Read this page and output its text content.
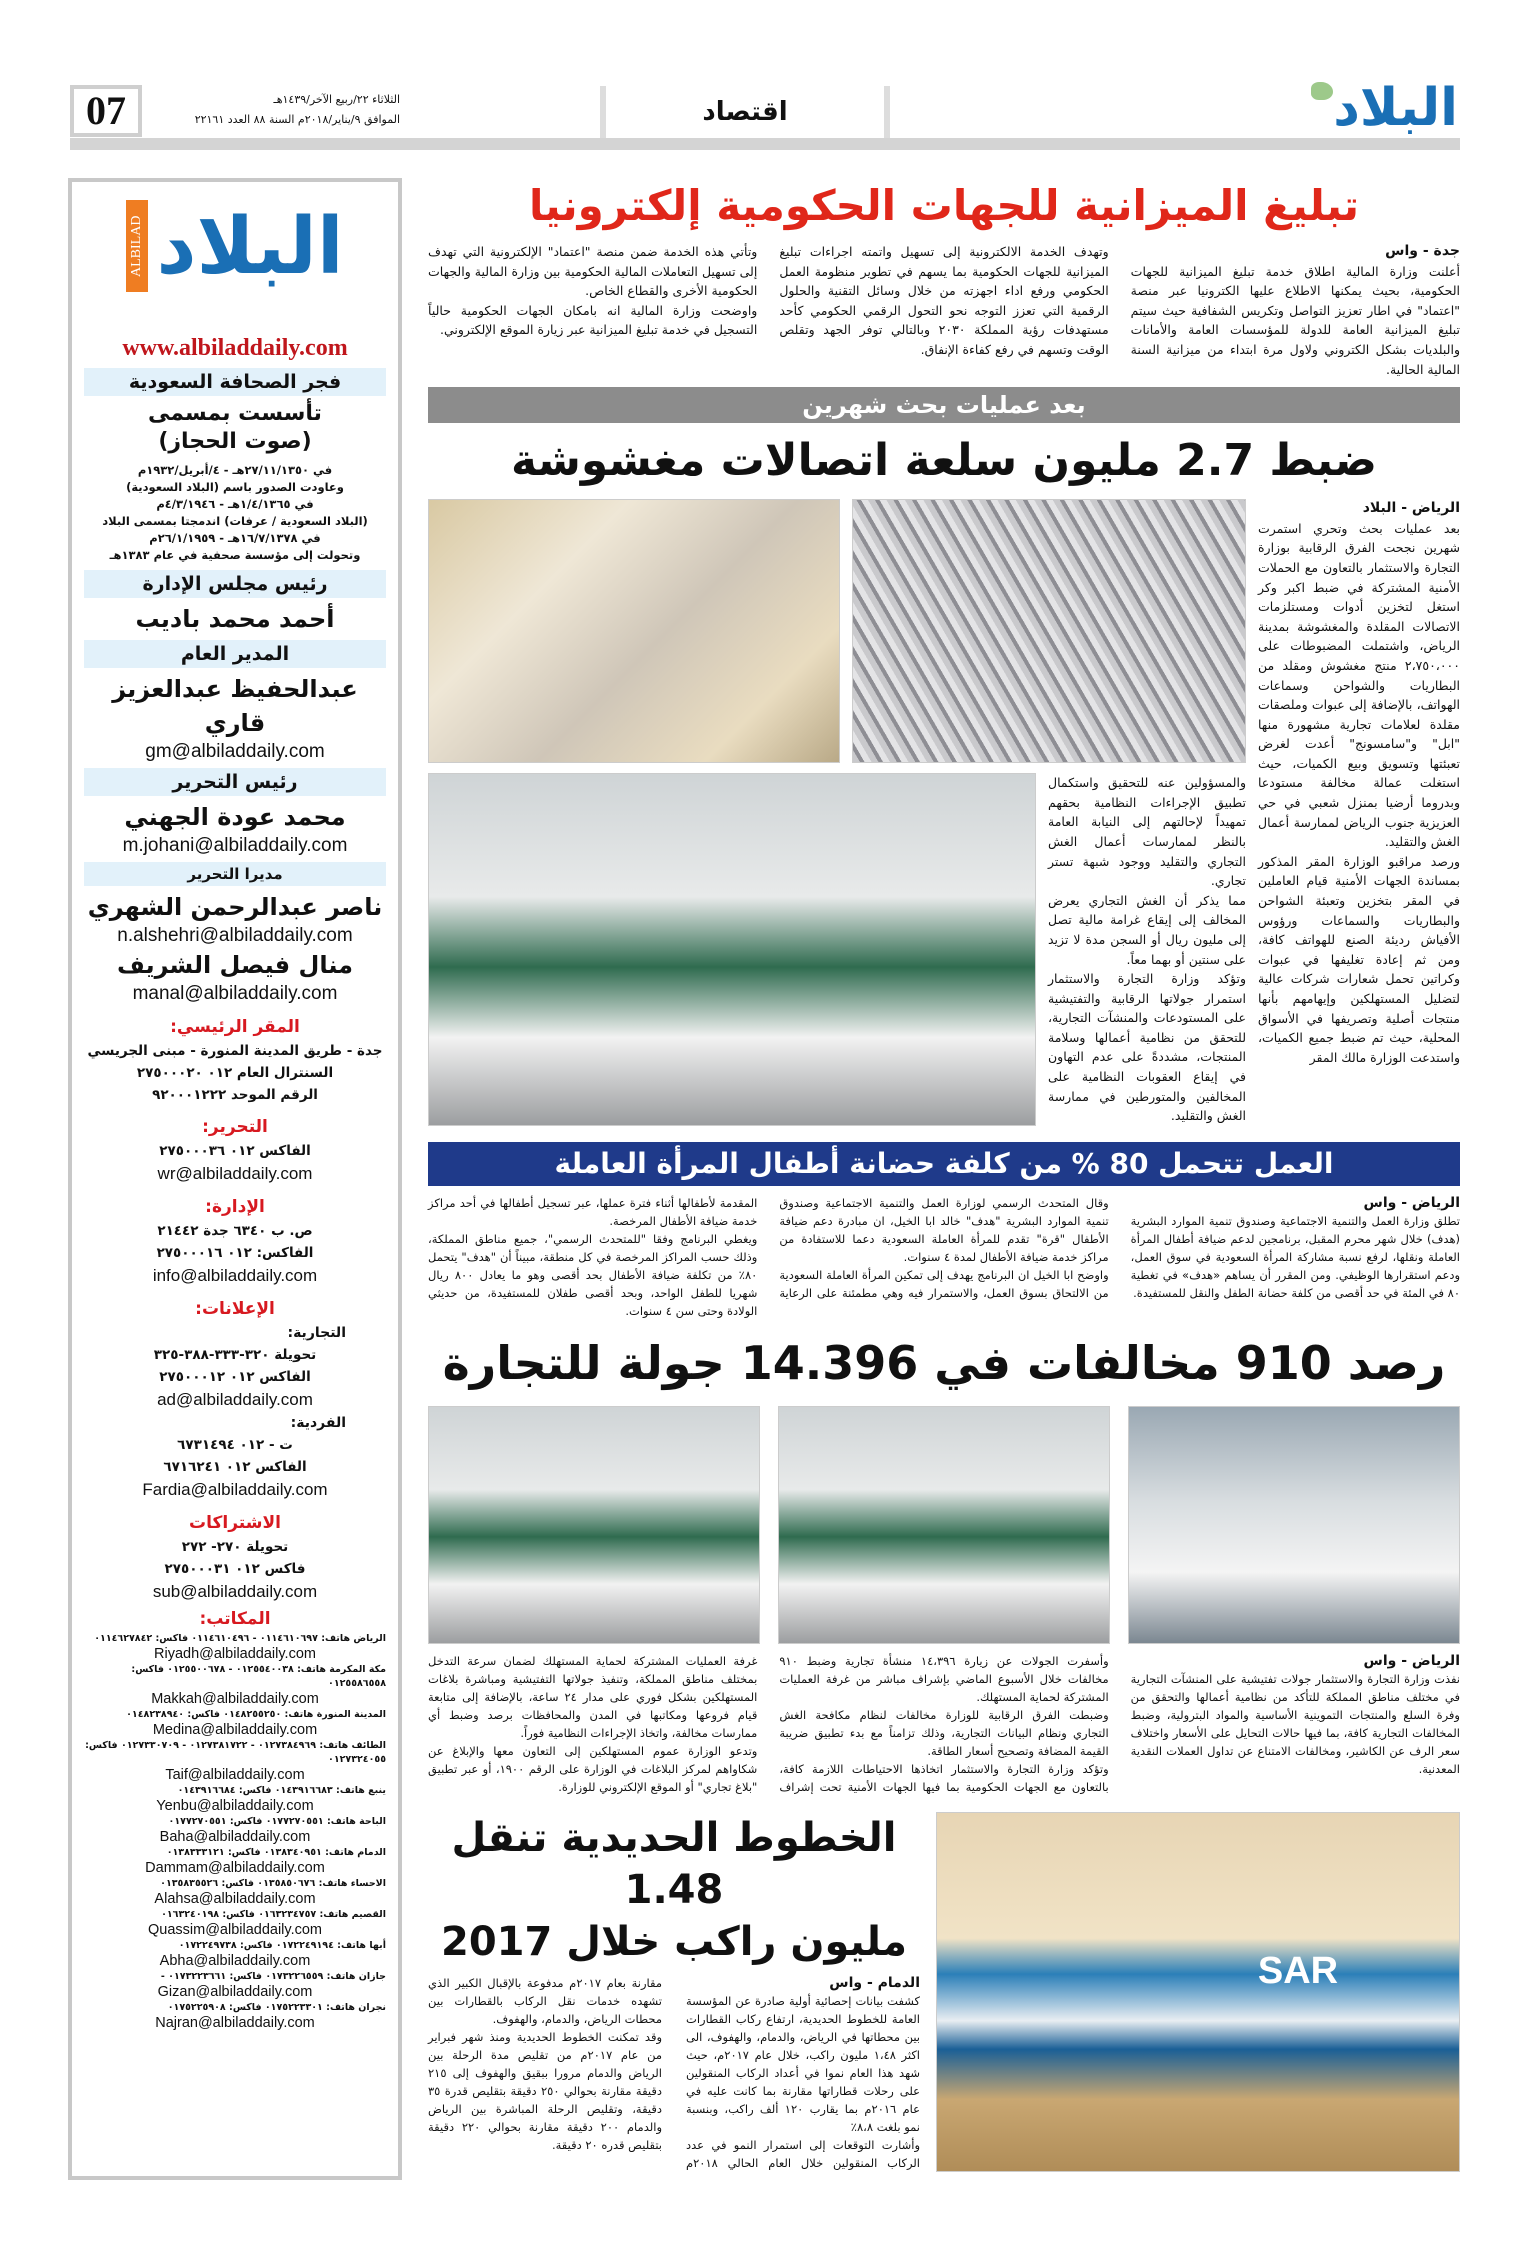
07	الثلاثاء ٢٢/ربيع الآخر/١٤٣٩هـ
الموافق ٩/يناير/٢٠١٨م السنة ٨٨ العدد ٢٢١٦١	اقتصاد	البلاد
البلاد
ALBILAD
www.albiladdaily.com
فجر الصحافة السعودية
تأسست بمسمى
(صوت الحجاز)
في ٢٧/١١/١٣٥٠هـ - ٤/أبريل/١٩٣٢م
وعاودت الصدور باسم (البلاد السعودية)
في ١/٤/١٣٦٥هـ - ٤/٣/١٩٤٦م
(البلاد السعودية / عرفات) اندمجتا بمسمى البلاد
في ١٦/٧/١٣٧٨هـ - ٢٦/١/١٩٥٩م
وتحولت إلى مؤسسة صحفية في عام ١٣٨٣هـ
رئيس مجلس الإدارة
أحمد محمد باديب
المدير العام
عبدالحفيظ عبدالعزيز قاري
gm@albiladdaily.com
رئيس التحرير
محمد عودة الجهني
m.johani@albiladdaily.com
مديرا التحرير
ناصر عبدالرحمن الشهري
n.alshehri@albiladdaily.com
منال فيصل الشريف
manal@albiladdaily.com
المقر الرئيسي:
جدة - طريق المدينة المنورة - مبنى الجريسي
السنترال العام ٠١٢ ٢٧٥٠٠٠٢٠
الرقم الموحد ٩٢٠٠٠١٢٢٢
التحرير:
الفاكس ٠١٢ ٢٧٥٠٠٠٣٦
wr@albiladdaily.com
الإدارة:
ص. ب ٦٣٤٠ جدة ٢١٤٤٢
الفاكس: ٠١٢ ٢٧٥٠٠٠١٦
info@albiladdaily.com
الإعلانات:
التجارية:
تحويلة ٣٢٠-٣٣٣-٣٨٨-٣٢٥
الفاكس ٠١٢ ٢٧٥٠٠٠١٢
ad@albiladdaily.com
الفردية:
ت - ٠١٢ ٦٧٣١٤٩٤
الفاكس ٠١٢ ٦٧١٦٢٤١
Fardia@albiladdaily.com
الاشتراكات
تحويلة ٢٧٠- ٢٧٢
فاكس ٠١٢ ٢٧٥٠٠٠٣١
sub@albiladdaily.com
المكاتب:
الرياض هاتف: ٠١١٤٦١٠٦٩٧ - ٠١١٤٦١٠٤٩٦ فاكس: ٠١١٤٦٢٧٨٤٢
Riyadh@albiladdaily.com
مكة المكرمة هاتف: ٠١٢٥٥٤٠٠٣٨ - ٠١٢٥٥٠٠٦٧٨ فاكس: ٠١٢٥٥٨٦٥٥٨
Makkah@albiladdaily.com
المدينة المنورة هاتف: ٠١٤٨٢٥٥٢٥٠ فاكس: ٠١٤٨٢٣٨٩٤٠
Medina@albiladdaily.com
الطائف هاتف: ٠١٢٧٣٨٤٩٦٩ - ٠١٢٧٣٨١٧٢٢ - ٠١٢٧٣٣٠٧٠٩ فاكس: ٠١٢٧٣٢٤٠٥٥
Taif@albiladdaily.com
ينبع هاتف: ٠١٤٣٩١٦٦٨٣ فاكس: ٠١٤٣٩١٦٦٨٤
Yenbu@albiladdaily.com
الباحة هاتف: ٠١٧٧٢٧٠٥٥١ فاكس: ٠١٧٧٢٧٠٥٥١
Baha@albiladdaily.com
الدمام هاتف: ٠١٣٨٣٤٠٩٥١ فاكس: ٠١٣٨٣٣٣١٢١
Dammam@albiladdaily.com
الاحساء هاتف: ٠١٣٥٨٥٠٦٧٦ فاكس: ٠١٣٥٨٣٥٥٢٦
Alahsa@albiladdaily.com
القصيم هاتف: ٠١٦٣٢٣٤٧٥٧ فاكس: ٠١٦٣٢٤٠١٩٨
Quassim@albiladdaily.com
أبها هاتف: ٠١٧٢٢٤٩١٩٤ فاكس: ٠١٧٢٢٤٩٧٣٨
Abha@albiladdaily.com
جازان هاتف: ٠١٧٣٢٢٦٥٥٩ فاكس: ٠١٧٣٢٢٣٦٦١ -
Gizan@albiladdaily.com
نجران هاتف: ٠١٧٥٢٢٣٣٠١ فاكس: ٠١٧٥٢٢٥٩٠٨
Najran@albiladdaily.com
تبليغ الميزانية للجهات الحكومية إلكترونيا
جدة - واس

أعلنت وزارة المالية اطلاق خدمة تبليغ الميزانية للجهات الحكومية، بحيث يمكنها الاطلاع عليها الكترونيا عبر منصة "اعتماد" في اطار تعزيز التواصل وتكريس الشفافية حيث سيتم تبليغ الميزانية العامة للدولة للمؤسسات العامة والأمانات والبلديات بشكل الكتروني ولاول مرة ابتداء من ميزانية السنة المالية الحالية.

وتهدف الخدمة الالكترونية إلى تسهيل واتمته اجراءات تبليغ الميزانية للجهات الحكومية بما يسهم في تطوير منظومة العمل الحكومي ورفع اداء اجهزته من خلال وسائل التقنية والحلول الرقمية التي تعزز التوجه نحو التحول الرقمي الحكومي كأحد مستهدفات رؤية المملكة ٢٠٣٠ وبالتالي توفر الجهد وتقلص الوقت وتسهم في رفع كفاءة الإنفاق.

وتأتي هذه الخدمة ضمن منصة "اعتماد" الإلكترونية التي تهدف إلى تسهيل التعاملات المالية الحكومية بين وزارة المالية والجهات الحكومية الأخرى والقطاع الخاص.

واوضحت وزارة المالية انه بامكان الجهات الحكومية حالياً التسجيل في خدمة تبليغ الميزانية عبر زيارة الموقع الإلكتروني.

بعد عمليات بحث شهرين
ضبط 2.7 مليون سلعة اتصالات مغشوشة
الرياض - البلاد

بعد عمليات بحث وتحري استمرت شهرين نجحت الفرق الرقابية بوزارة التجارة والاستثمار بالتعاون مع الحملات الأمنية المشتركة في ضبط اكبر وكر استغل لتخزين أدوات ومستلزمات الاتصالات المقلدة والمغشوشة بمدينة الرياض، واشتملت المضبوطات على ٢،٧٥٠،٠٠٠ منتج مغشوش ومقلد من البطاريات والشواحن وسماعات الهواتف، بالإضافة إلى عبوات وملصقات مقلدة لعلامات تجارية مشهورة منها "ابل" و"سامسونج" أعدت لغرض تعبئتها وتسويق وبيع الكميات، حيث استغلت عمالة مخالفة مستودعا وبدروما أرضيا بمنزل شعبي في حي العزيزية جنوب الرياض لممارسة أعمال الغش والتقليد.

ورصد مراقبو الوزارة المقر المذكور بمساندة الجهات الأمنية قيام العاملين في المقر بتخزين وتعبئة الشواحن والبطاريات والسماعات ورؤوس الأفياش رديئة الصنع للهواتف كافة، ومن ثم إعادة تغليفها في عبوات وكراتين تحمل شعارات شركات عالية لتضليل المستهلكين وإيهامهم بأنها منتجات أصلية وتصريفها في الأسواق المحلية، حيث تم ضبط جميع الكميات، واستدعت الوزارة مالك المقر

والمسؤولين عنه للتحقيق واستكمال تطبيق الإجراءات النظامية بحقهم تمهيداً لإحالتهم إلى النيابة العامة بالنظر لممارسات أعمال الغش التجاري والتقليد ووجود شبهة تستر تجاري.

مما يذكر أن الغش التجاري يعرض المخالف إلى إيقاع غرامة مالية تصل إلى مليون ريال أو السجن مدة لا تزيد على سنتين أو بهما معاً.

وتؤكد وزارة التجارة والاستثمار استمرار جولاتها الرقابية والتفتيشية على المستودعات والمنشآت التجارية، للتحقق من نظامية أعمالها وسلامة المنتجات، مشددةً على عدم التهاون في إيقاع العقوبات النظامية على المخالفين والمتورطين في ممارسة الغش والتقليد.

العمل تتحمل 80 % من كلفة حضانة أطفال المرأة العاملة
الرياض - واس

تطلق وزارة العمل والتنمية الاجتماعية وصندوق تنمية الموارد البشرية (هدف) خلال شهر محرم المقبل، برنامجين لدعم ضيافة أطفال المرأة العاملة ونقلها، لرفع نسبة مشاركة المرأة السعودية في سوق العمل، ودعم استقرارها الوظيفي. ومن المقرر أن يساهم «هدف» في تغطية ٨٠ في المئة في حد أقصى من كلفة حضانة الطفل والنقل للمستفيدة.

وقال المتحدث الرسمي لوزارة العمل والتنمية الاجتماعية وصندوق تنمية الموارد البشرية "هدف" خالد ابا الخيل، ان مبادرة دعم ضيافة الأطفال "قرة" تقدم للمرأة العاملة السعودية دعما للاستفادة من مراكز خدمة ضيافة الأطفال لمدة ٤ سنوات.

واوضح ابا الخيل ان البرنامج يهدف إلى تمكين المرأة العاملة السعودية من الالتحاق بسوق العمل، والاستمرار فيه وهي مطمئنة على الرعاية المقدمة لأطفالها أثناء فترة عملها، عبر تسجيل أطفالها في أحد مراكز خدمة ضيافة الأطفال المرخصة.

ويغطي البرنامج وفقا "للمتحدث الرسمي"، جميع مناطق المملكة، وذلك حسب المراكز المرخصة في كل منطقة، مبيناً أن "هدف" يتحمل ٨٠٪ من تكلفة ضيافة الأطفال بحد أقصى وهو ما يعادل ٨٠٠ ريال شهريا للطفل الواحد، وبحد أقصى طفلان للمستفيدة، من حديثي الولادة وحتى سن ٤ سنوات.

رصد 910 مخالفات في 14.396 جولة للتجارة
الرياض - واس

نفذت وزارة التجارة والاستثمار جولات تفتيشية على المنشآت التجارية في مختلف مناطق المملكة للتأكد من نظامية أعمالها والتحقق من وفرة السلع والمنتجات التموينية الأساسية والمواد البترولية، وضبط المخالفات التجارية كافة، بما فيها حالات التحايل على الأسعار واختلاف سعر الرف عن الكاشير، ومخالفات الامتناع عن تداول العملات النقدية المعدنية.

وأسفرت الجولات عن زيارة ١٤،٣٩٦ منشأة تجارية وضبط ٩١٠ مخالفات خلال الأسبوع الماضي بإشراف مباشر من غرفة العمليات المشتركة لحماية المستهلك.

وضبطت الفرق الرقابية للوزارة مخالفات لنظام مكافحة الغش التجاري ونظام البيانات التجارية، وذلك تزامناً مع بدء تطبيق ضريبة القيمة المضافة وتصحيح أسعار الطاقة.

وتؤكد وزارة التجارة والاستثمار اتخاذها الاحتياطات اللازمة كافة، بالتعاون مع الجهات الحكومية بما فيها الجهات الأمنية تحت إشراف غرفة العمليات المشتركة لحماية المستهلك لضمان سرعة التدخل بمختلف مناطق المملكة، وتنفيذ جولاتها التفتيشية ومباشرة بلاغات المستهلكين بشكل فوري على مدار ٢٤ ساعة، بالإضافة إلى متابعة قيام فروعها ومكاتبها في المدن والمحافظات برصد وضبط أي ممارسات مخالفة، واتخاذ الإجراءات النظامية فوراً.

وتدعو الوزارة عموم المستهلكين إلى التعاون معها والإبلاغ عن شكاواهم لمركز البلاغات في الوزارة على الرقم ١٩٠٠، أو عبر تطبيق "بلاغ تجاري" أو الموقع الإلكتروني للوزارة.

SAR
الخطوط الحديدية تنقل 1.48
مليون راكب خلال 2017
الدمام - واس

كشفت بيانات إحصائية أولية صادرة عن المؤسسة العامة للخطوط الحديدية، ارتفاع ركاب القطارات بين محطاتها في الرياض، والدمام، والهفوف، الى اكثر ١،٤٨ مليون راكب، خلال عام ٢٠١٧م، حيث شهد هذا العام نموا في أعداد الركاب المنقولين على رحلات قطاراتها مقارنة بما كانت عليه في عام ٢٠١٦م بما يقارب ١٢٠ ألف راكب، وبنسبة نمو بلغت ٨،٨٪

وأشارت التوقعات إلى استمرار النمو في عدد الركاب المنقولين خلال العام الحالي ٢٠١٨م مقارنة بعام ٢٠١٧م مدفوعة بالإقبال الكبير الذي تشهده خدمات نقل الركاب بالقطارات بين محطات الرياض، والدمام، والهفوف.

وقد تمكنت الخطوط الحديدية ومنذ شهر فبراير من عام ٢٠١٧م من تقليص مدة الرحلة بين الرياض والدمام مرورا ببقيق والهفوف إلى ٢١٥ دقيقة مقارنة بحوالي ٢٥٠ دقيقة بتقليص قدرة ٣٥ دقيقة، وتقليص الرحلة المباشرة بين الرياض والدمام ٢٠٠ دقيقة مقارنة بحوالي ٢٢٠ دقيقة بتقليص قدره ٢٠ دقيقة.
